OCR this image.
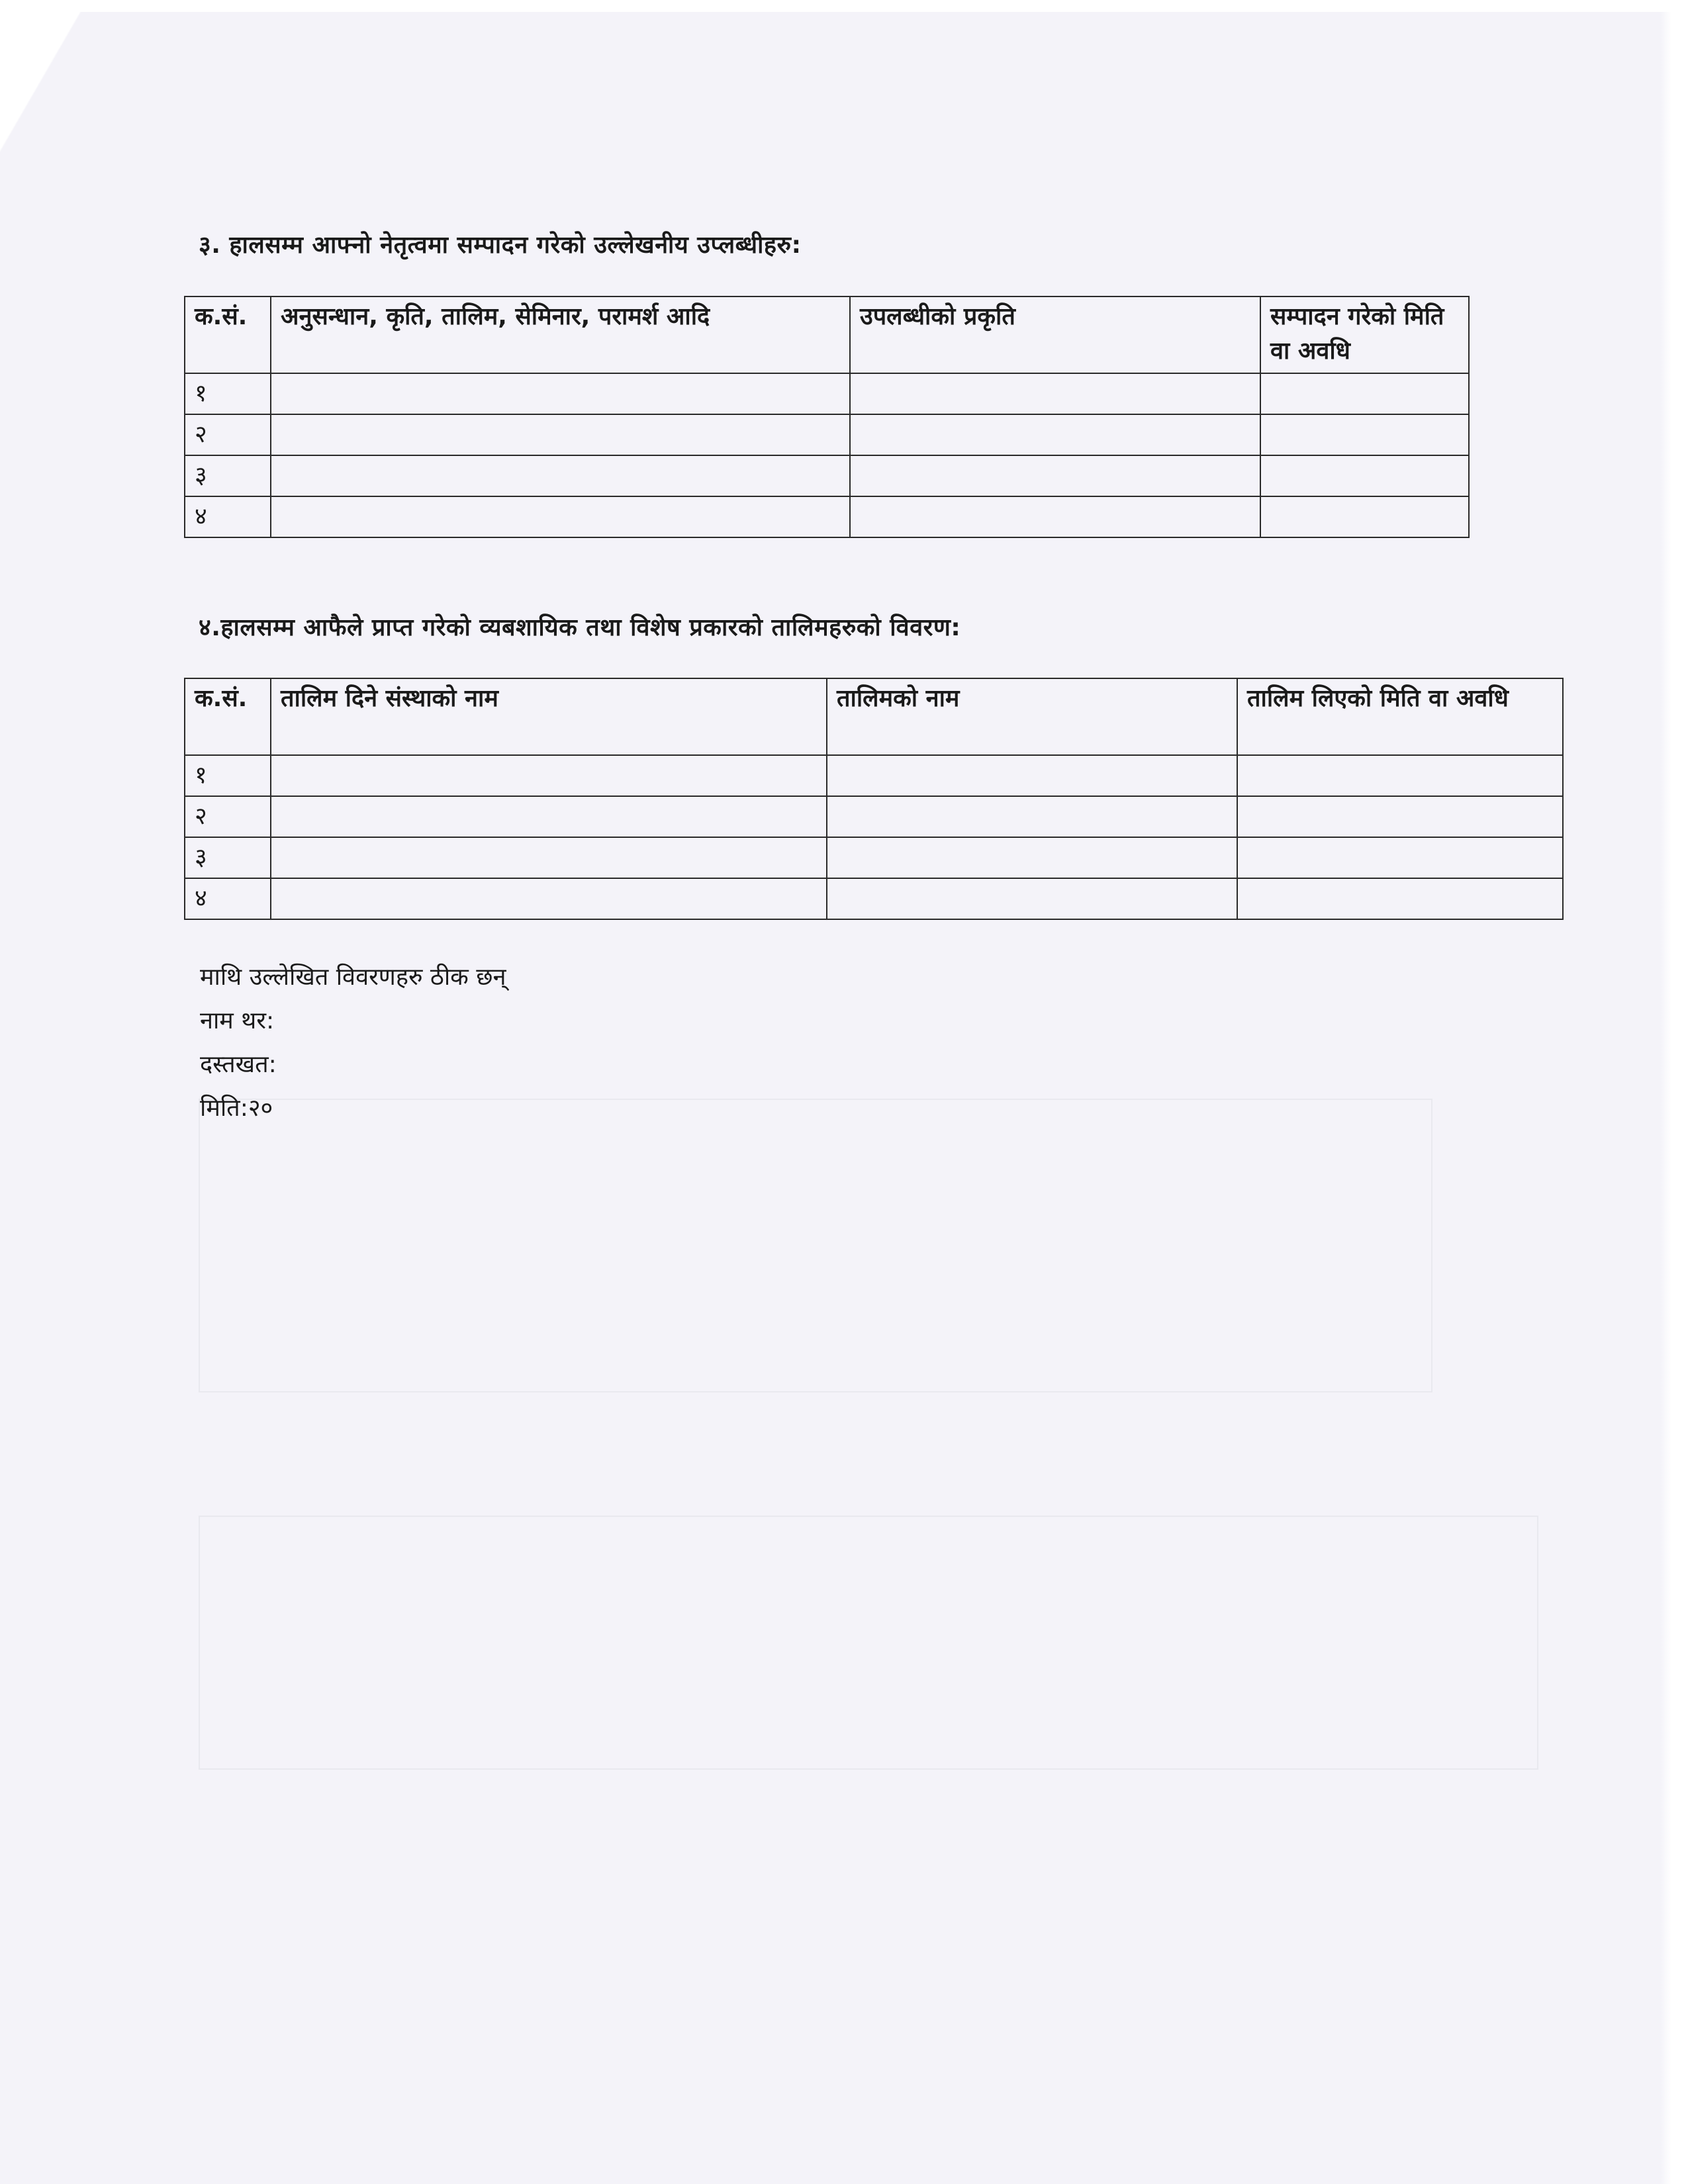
३. हालसम्म आफ्नो नेतृत्वमा सम्पादन गरेको उल्लेखनीय उप्लब्धीहरु:
क.सं.	अनुसन्धान, कृति, तालिम, सेमिनार, परामर्श आदि	उपलब्धीको प्रकृति	सम्पादन गरेको मिति वा अवधि
१			
२			
३			
४			
४.हालसम्म आफैले प्राप्त गरेको व्यबशायिक तथा विशेष प्रकारको तालिमहरुको विवरण:
क.सं.	तालिम दिने संस्थाको नाम	तालिमको नाम	तालिम लिएको मिति वा अवधि
१			
२			
३			
४			
माथि उल्लेखित विवरणहरु ठीक छन्
नाम थर:
दस्तखत:
मिति:२०
